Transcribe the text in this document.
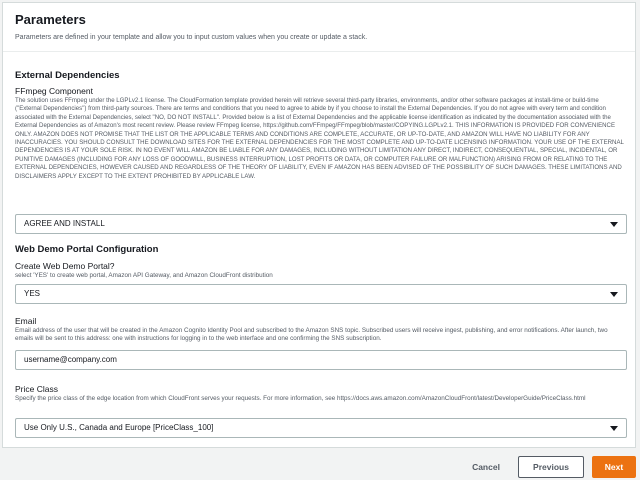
Parameters
Parameters are defined in your template and allow you to input custom values when you create or update a stack.
External Dependencies
FFmpeg Component
The solution uses FFmpeg under the LGPLv2.1 license. The CloudFormation template provided herein will retrieve several third-party libraries, environments, and/or other software packages at install-time or build-time ("External Dependencies") from third-party sources. There are terms and conditions that you need to agree to abide by if you choose to install the External Dependencies. If you do not agree with every term and condition associated with the External Dependencies, select "NO, DO NOT INSTALL". Provided below is a list of External Dependencies and the applicable license identification as indicated by the documentation associated with the External Dependencies as of Amazon's most recent review. Please review FFmpeg license, https://github.com/FFmpeg/FFmpeg/blob/master/COPYING.LGPLv2.1. THIS INFORMATION IS PROVIDED FOR CONVENIENCE ONLY. AMAZON DOES NOT PROMISE THAT THE LIST OR THE APPLICABLE TERMS AND CONDITIONS ARE COMPLETE, ACCURATE, OR UP-TO-DATE, AND AMAZON WILL HAVE NO LIABILITY FOR ANY INACCURACIES. YOU SHOULD CONSULT THE DOWNLOAD SITES FOR THE EXTERNAL DEPENDENCIES FOR THE MOST COMPLETE AND UP-TO-DATE LICENSING INFORMATION. YOUR USE OF THE EXTERNAL DEPENDENCIES IS AT YOUR SOLE RISK. IN NO EVENT WILL AMAZON BE LIABLE FOR ANY DAMAGES, INCLUDING WITHOUT LIMITATION ANY DIRECT, INDIRECT, CONSEQUENTIAL, SPECIAL, INCIDENTAL, OR PUNITIVE DAMAGES (INCLUDING FOR ANY LOSS OF GOODWILL, BUSINESS INTERRUPTION, LOST PROFITS OR DATA, OR COMPUTER FAILURE OR MALFUNCTION) ARISING FROM OR RELATING TO THE EXTERNAL DEPENDENCIES, HOWEVER CAUSED AND REGARDLESS OF THE THEORY OF LIABILITY, EVEN IF AMAZON HAS BEEN ADVISED OF THE POSSIBILITY OF SUCH DAMAGES. THESE LIMITATIONS AND DISCLAIMERS APPLY EXCEPT TO THE EXTENT PROHIBITED BY APPLICABLE LAW.
AGREE AND INSTALL
Web Demo Portal Configuration
Create Web Demo Portal?
select 'YES' to create web portal, Amazon API Gateway, and Amazon CloudFront distribution
YES
Email
Email address of the user that will be created in the Amazon Cognito Identity Pool and subscribed to the Amazon SNS topic. Subscribed users will receive ingest, publishing, and error notifications. After launch, two emails will be sent to this address: one with instructions for logging in to the web interface and one confirming the SNS subscription.
username@company.com
Price Class
Specify the price class of the edge location from which CloudFront serves your requests. For more information, see https://docs.aws.amazon.com/AmazonCloudFront/latest/DeveloperGuide/PriceClass.html
Use Only U.S., Canada and Europe [PriceClass_100]
Cancel	Previous	Next
